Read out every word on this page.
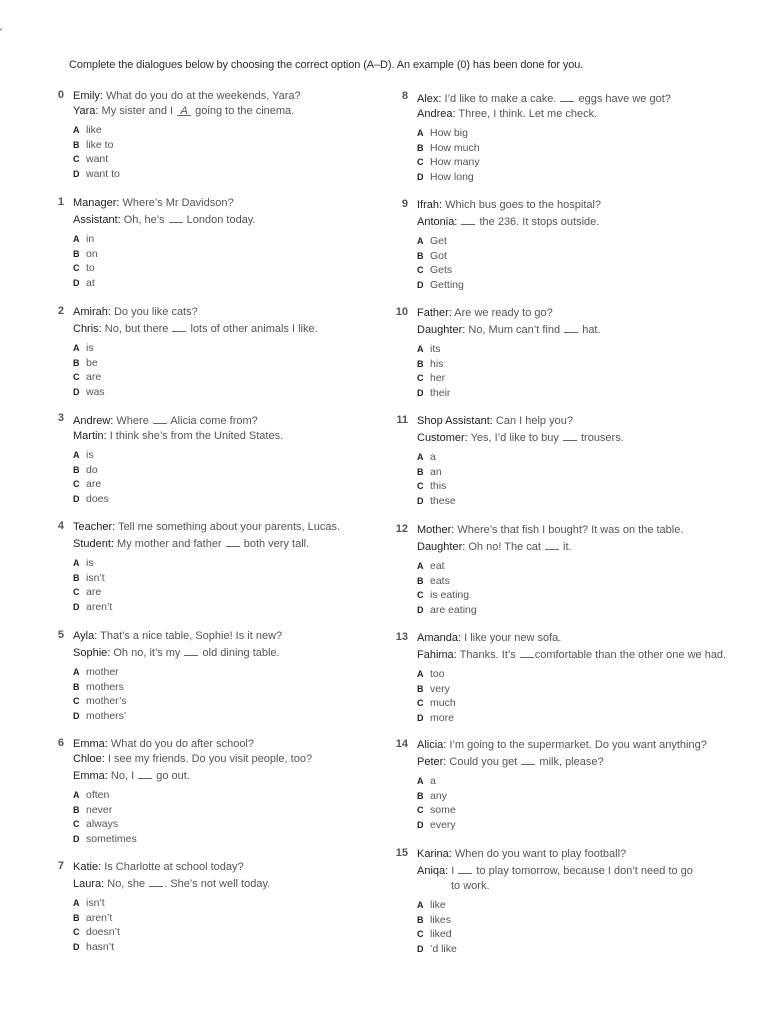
Complete the dialogues below by choosing the correct option (A–D). An example (0) has been done for you.
0 Emily: What do you do at the weekends, Yara?
Yara: My sister and I A going to the cinema.
A like
B like to
C want
D want to
1 Manager: Where’s Mr Davidson?
Assistant: Oh, he’s  London today.
A in
B on
C to
D at
2 Amirah: Do you like cats?
Chris: No, but there  lots of other animals I like.
A is
B be
C are
D was
3 Andrew: Where  Alicia come from?
Martin: I think she’s from the United States.
A is
B do
C are
D does
4 Teacher: Tell me something about your parents, Lucas.
Student: My mother and father  both very tall.
A is
B isn’t
C are
D aren’t
5 Ayla: That’s a nice table, Sophie! Is it new?
Sophie: Oh no, it’s my  old dining table.
A mother
B mothers
C mother’s
D mothers’
6 Emma: What do you do after school?
Chloe: I see my friends. Do you visit people, too?
Emma: No, I  go out.
A often
B never
C always
D sometimes
7 Katie: Is Charlotte at school today?
Laura: No, she . She’s not well today.
A isn’t
B aren’t
C doesn’t
D hasn’t
8 Alex: I’d like to make a cake.  eggs have we got?
Andrea: Three, I think. Let me check.
A How big
B How much
C How many
D How long
9 Ifrah: Which bus goes to the hospital?
Antonia:  the 236. It stops outside.
A Get
B Got
C Gets
D Getting
10 Father: Are we ready to go?
Daughter: No, Mum can’t find  hat.
A its
B his
C her
D their
11 Shop Assistant: Can I help you?
Customer: Yes, I’d like to buy  trousers.
A a
B an
C this
D these
12 Mother: Where’s that fish I bought? It was on the table.
Daughter: Oh no! The cat  it.
A eat
B eats
C is eating
D are eating
13 Amanda: I like your new sofa.
Fahima: Thanks. It’s comfortable than the other one we had.
A too
B very
C much
D more
14 Alicia: I’m going to the supermarket. Do you want anything?
Peter: Could you get  milk, please?
A a
B any
C some
D every
15 Karina: When do you want to play football?
Aniqa: I  to play tomorrow, because I don’t need to go
to work.
A like
B likes
C liked
D ’d like
